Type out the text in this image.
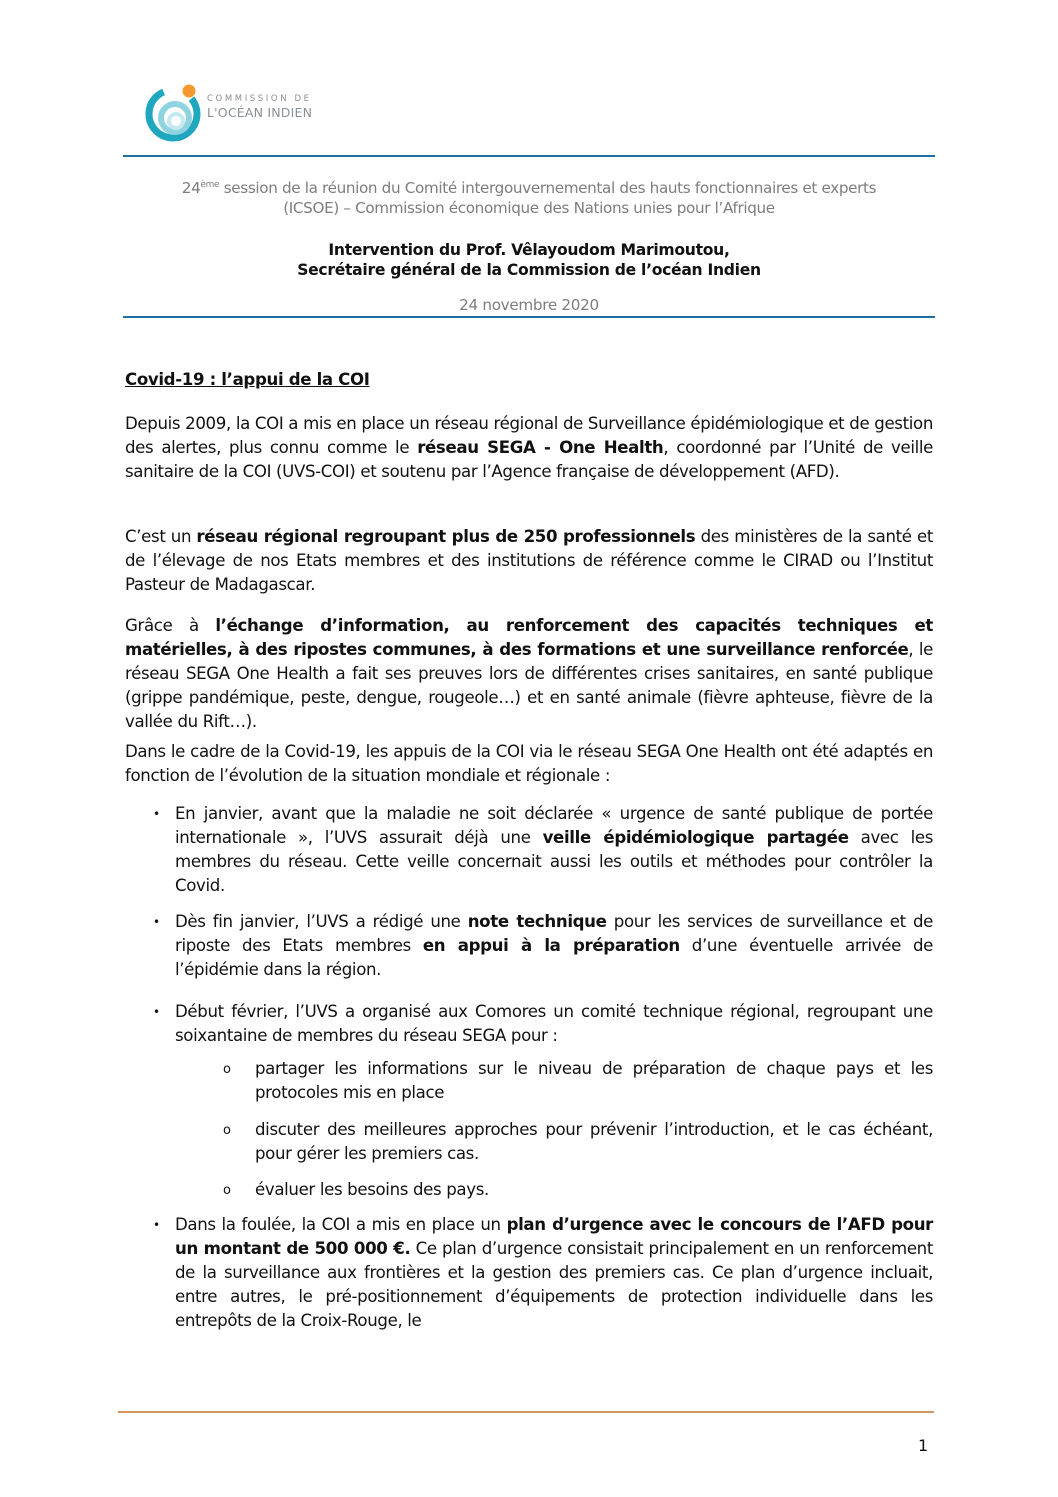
COMMISSION DE
L'OCÉAN INDIEN
24ème session de la réunion du Comité intergouvernemental des hauts fonctionnaires et experts
(ICSOE) – Commission économique des Nations unies pour l’Afrique
Intervention du Prof. Vêlayoudom Marimoutou,
Secrétaire général de la Commission de l’océan Indien
24 novembre 2020
Covid-19 : l’appui de la COI

Depuis 2009, la COI a mis en place un réseau régional de Surveillance épidémiologique et de gestion des alertes, plus connu comme le réseau SEGA - One Health, coordonné par l’Unité de veille sanitaire de la COI (UVS-COI) et soutenu par l’Agence française de développement (AFD).

C’est un réseau régional regroupant plus de 250 professionnels des ministères de la santé et de l’élevage de nos Etats membres et des institutions de référence comme le CIRAD ou l’Institut Pasteur de Madagascar.

Grâce à l’échange d’information, au renforcement des capacités techniques et matérielles, à des ripostes communes, à des formations et une surveillance renforcée, le réseau SEGA One Health a fait ses preuves lors de différentes crises sanitaires, en santé publique (grippe pandémique, peste, dengue, rougeole…) et en santé animale (fièvre aphteuse, fièvre de la vallée du Rift…).

Dans le cadre de la Covid-19, les appuis de la COI via le réseau SEGA One Health ont été adaptés en fonction de l’évolution de la situation mondiale et régionale :

• En janvier, avant que la maladie ne soit déclarée « urgence de santé publique de portée internationale », l’UVS assurait déjà une veille épidémiologique partagée avec les membres du réseau. Cette veille concernait aussi les outils et méthodes pour contrôler la Covid.
• Dès fin janvier, l’UVS a rédigé une note technique pour les services de surveillance et de riposte des Etats membres en appui à la préparation d’une éventuelle arrivée de l’épidémie dans la région.
• Début février, l’UVS a organisé aux Comores un comité technique régional, regroupant une soixantaine de membres du réseau SEGA pour :
o partager les informations sur le niveau de préparation de chaque pays et les protocoles mis en place
o discuter des meilleures approches pour prévenir l’introduction, et le cas échéant, pour gérer les premiers cas.
o évaluer les besoins des pays.
• Dans la foulée, la COI a mis en place un plan d’urgence avec le concours de l’AFD pour un montant de 500 000 €. Ce plan d’urgence consistait principalement en un renforcement de la surveillance aux frontières et la gestion des premiers cas. Ce plan d’urgence incluait, entre autres, le pré-positionnement d’équipements de protection individuelle dans les entrepôts de la Croix-Rouge, le
1
